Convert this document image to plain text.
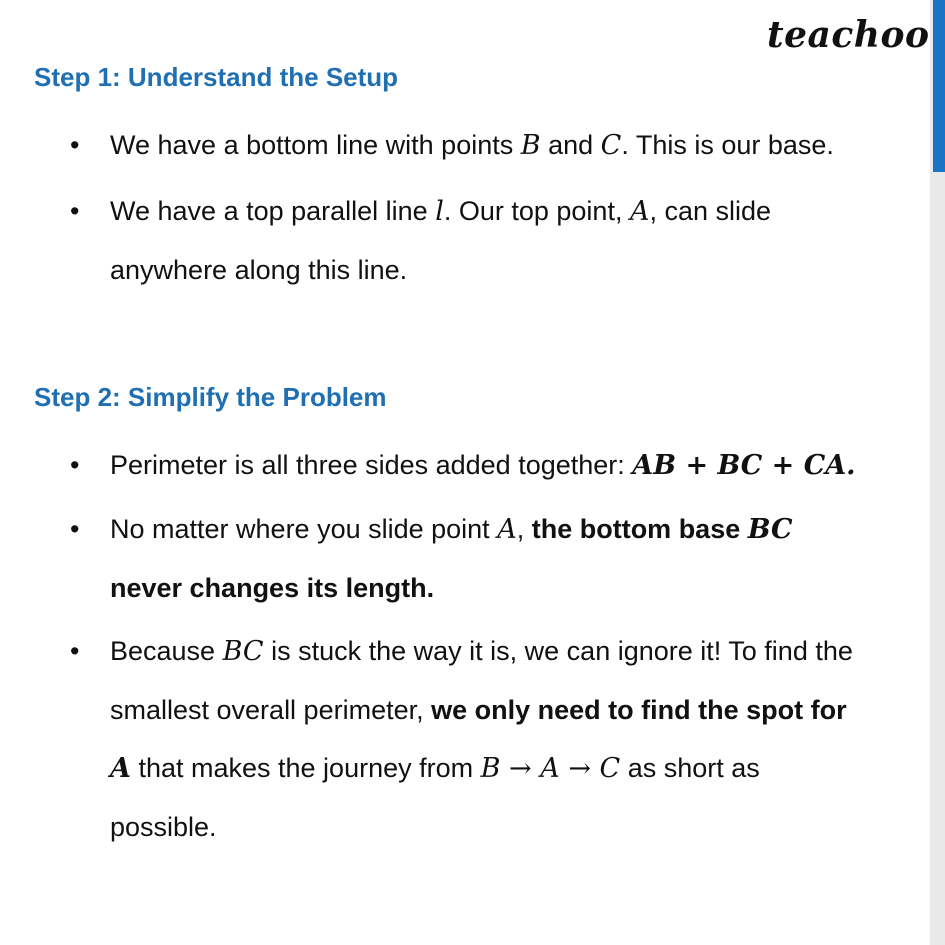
teachoo
Step 1: Understand the Setup
•	We have a bottom line with points B and C. This is our base.
•	We have a top parallel line l. Our top point, A, can slide
anywhere along this line.
Step 2: Simplify the Problem
•	Perimeter is all three sides added together: AB + BC + CA.
•	No matter where you slide point A, the bottom base BC
never changes its length.
•	Because BC is stuck the way it is, we can ignore it! To find the
smallest overall perimeter, we only need to find the spot for
A that makes the journey from B → A → C as short as
possible.
